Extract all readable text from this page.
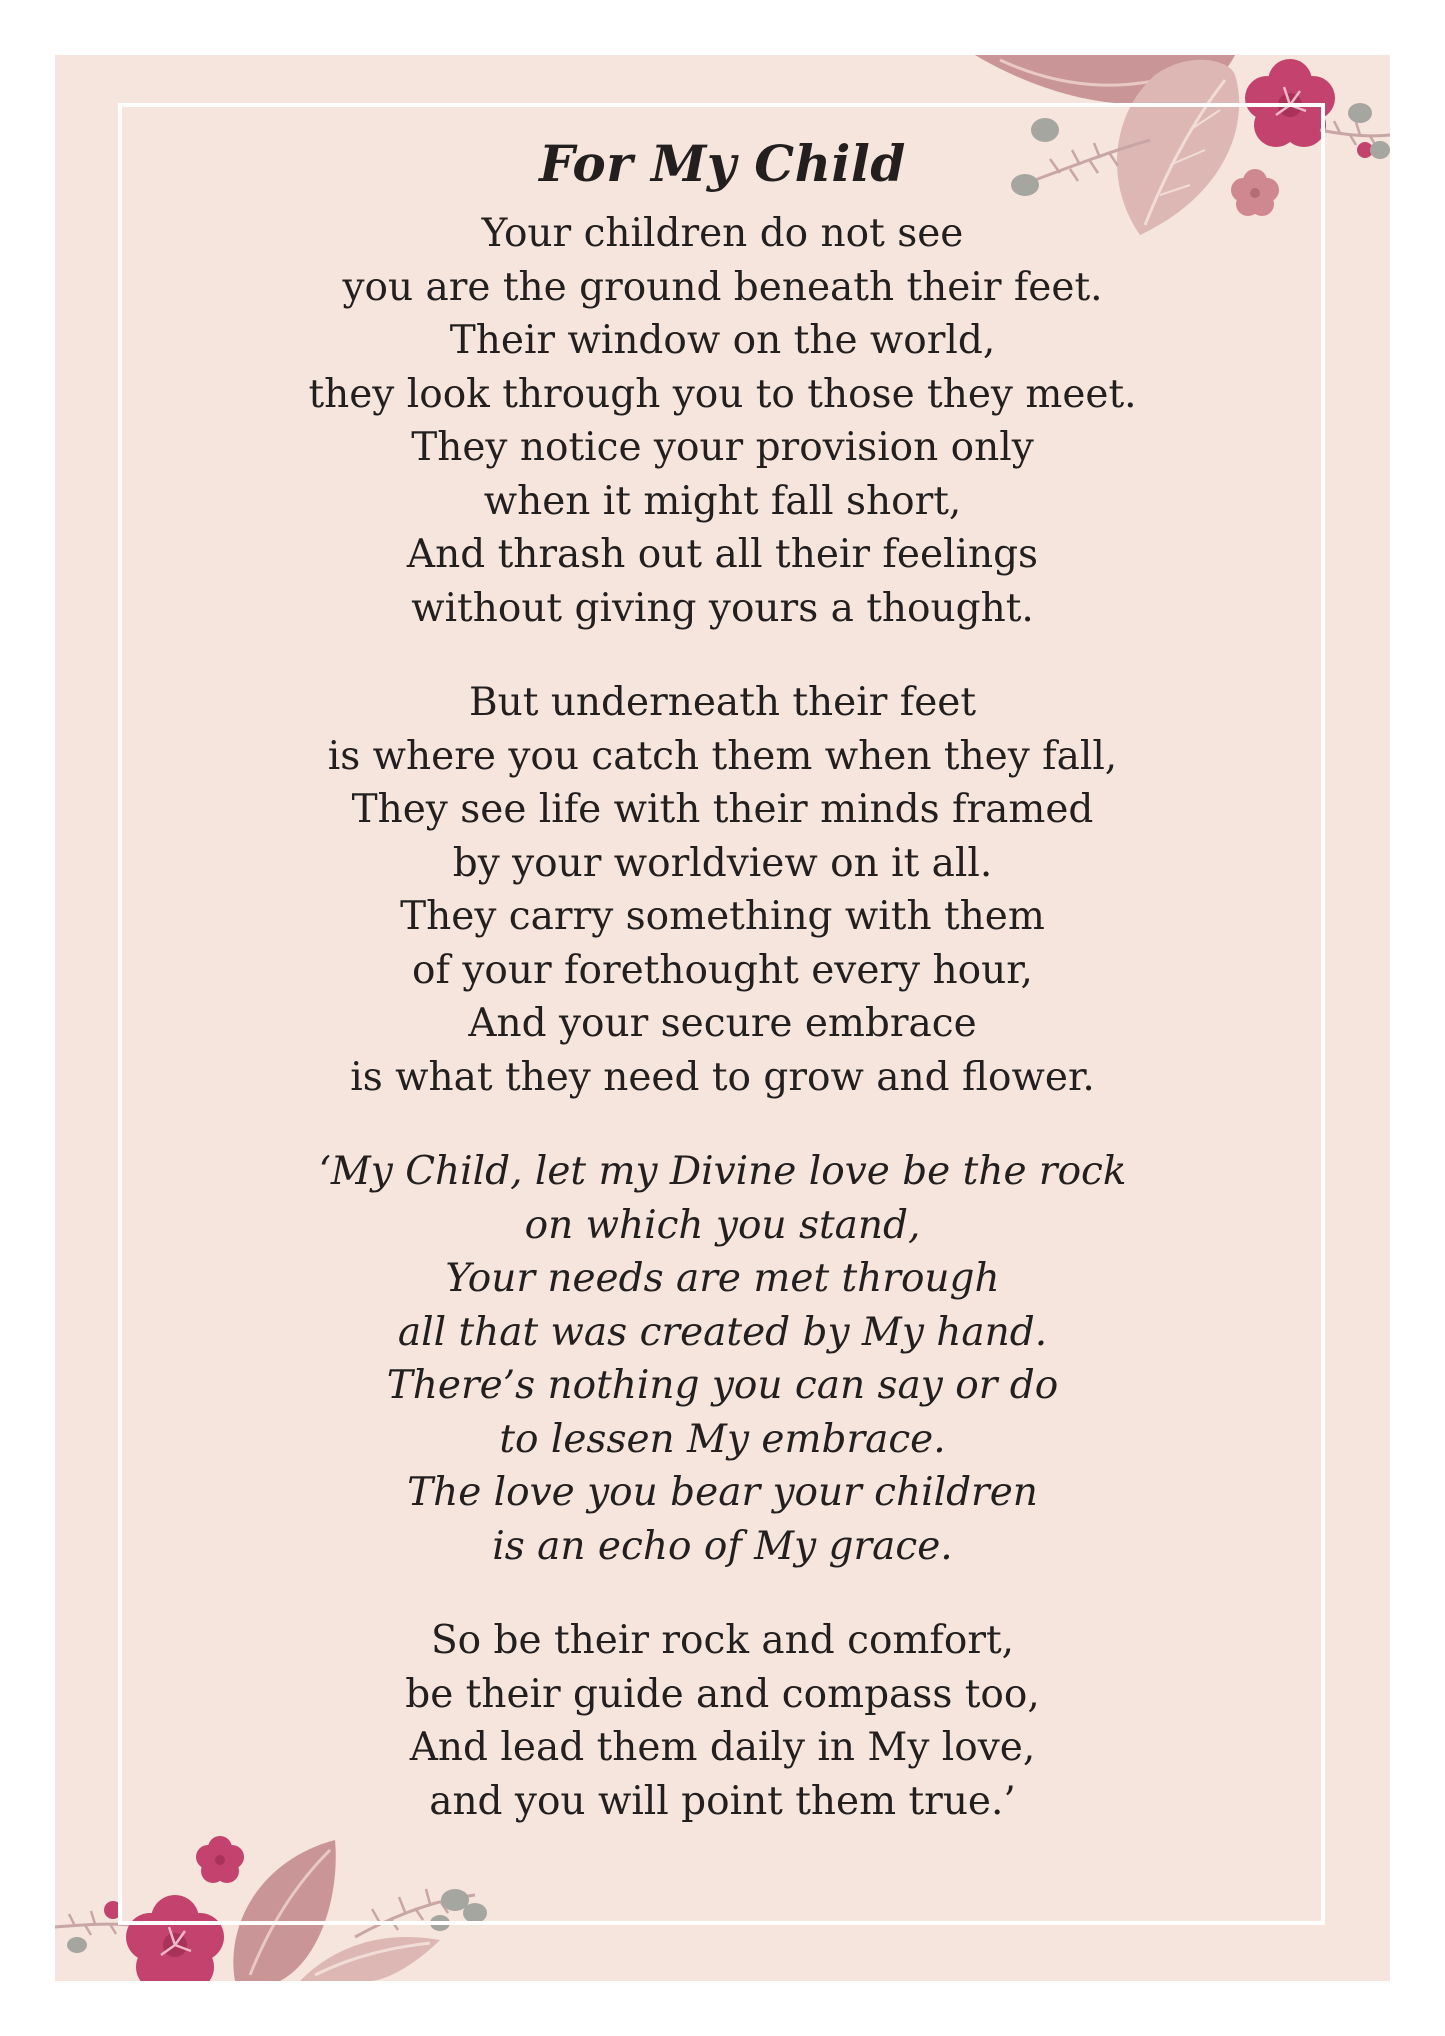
For My Child
Your children do not see
you are the ground beneath their feet.
Their window on the world,
they look through you to those they meet.
They notice your provision only
when it might fall short,
And thrash out all their feelings
without giving yours a thought.
But underneath their feet
is where you catch them when they fall,
They see life with their minds framed
by your worldview on it all.
They carry something with them
of your forethought every hour,
And your secure embrace
is what they need to grow and flower.
‘My Child, let my Divine love be the rock
on which you stand,
Your needs are met through
all that was created by My hand.
There’s nothing you can say or do
to lessen My embrace.
The love you bear your children
is an echo of My grace.
So be their rock and comfort,
be their guide and compass too,
And lead them daily in My love,
and you will point them true.’
